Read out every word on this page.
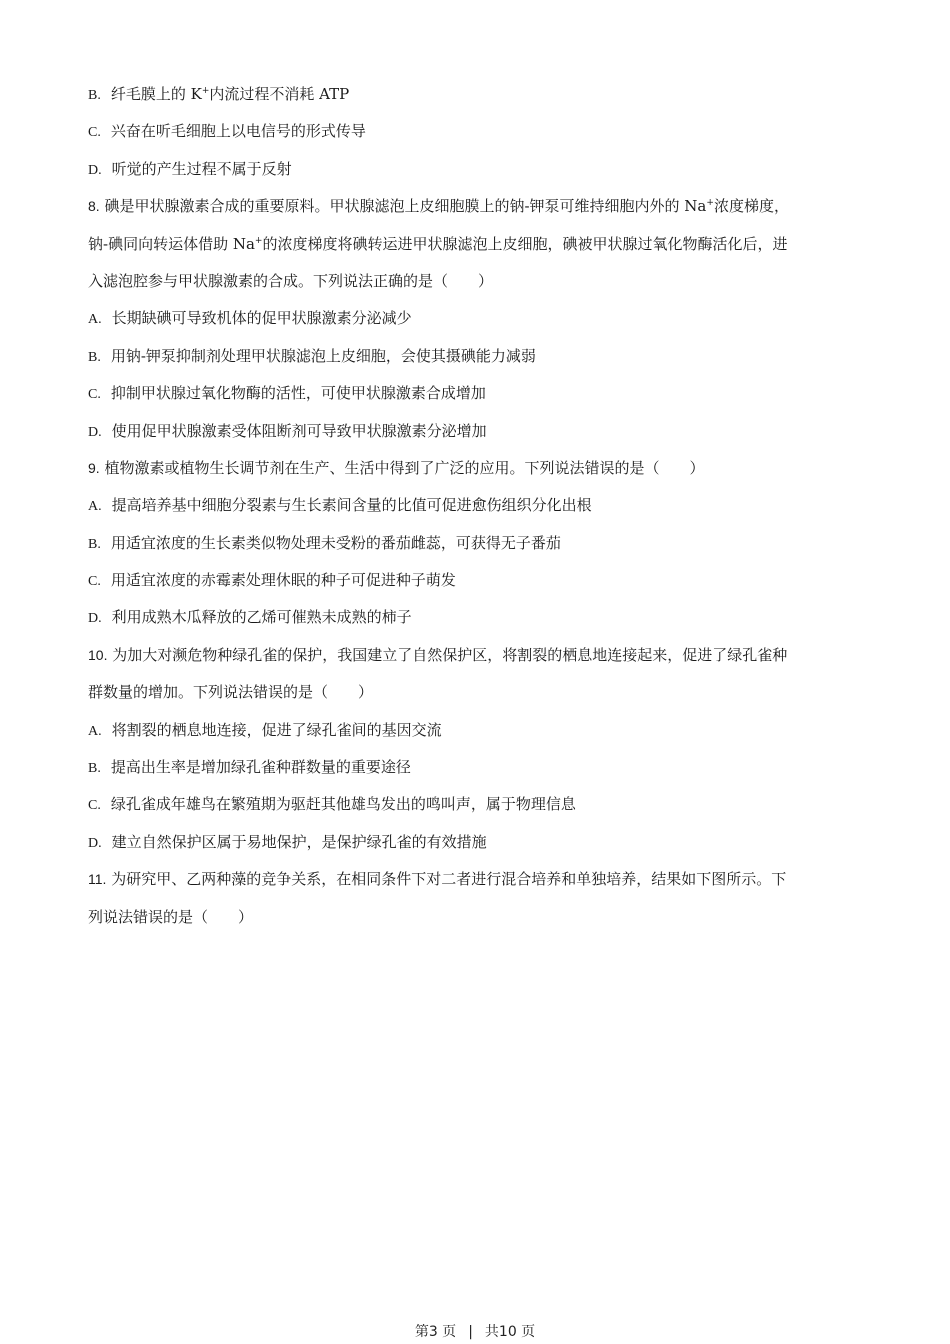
B. 纤毛膜上的 K+内流过程不消耗 ATP
C. 兴奋在听毛细胞上以电信号的形式传导
D. 听觉的产生过程不属于反射
8. 碘是甲状腺激素合成的重要原料。甲状腺滤泡上皮细胞膜上的钠-钾泵可维持细胞内外的 Na+浓度梯度，
钠-碘同向转运体借助 Na+的浓度梯度将碘转运进甲状腺滤泡上皮细胞，碘被甲状腺过氧化物酶活化后，进
入滤泡腔参与甲状腺激素的合成。下列说法正确的是（　　）
A. 长期缺碘可导致机体的促甲状腺激素分泌减少
B. 用钠-钾泵抑制剂处理甲状腺滤泡上皮细胞，会使其摄碘能力减弱
C. 抑制甲状腺过氧化物酶的活性，可使甲状腺激素合成增加
D. 使用促甲状腺激素受体阻断剂可导致甲状腺激素分泌增加
9. 植物激素或植物生长调节剂在生产、生活中得到了广泛的应用。下列说法错误的是（　　）
A. 提高培养基中细胞分裂素与生长素间含量的比值可促进愈伤组织分化出根
B. 用适宜浓度的生长素类似物处理未受粉的番茄雌蕊，可获得无子番茄
C. 用适宜浓度的赤霉素处理休眠的种子可促进种子萌发
D. 利用成熟木瓜释放的乙烯可催熟未成熟的柿子
10. 为加大对濒危物种绿孔雀的保护，我国建立了自然保护区，将割裂的栖息地连接起来，促进了绿孔雀种
群数量的增加。下列说法错误的是（　　）
A. 将割裂的栖息地连接，促进了绿孔雀间的基因交流
B. 提高出生率是增加绿孔雀种群数量的重要途径
C. 绿孔雀成年雄鸟在繁殖期为驱赶其他雄鸟发出的鸣叫声，属于物理信息
D. 建立自然保护区属于易地保护，是保护绿孔雀的有效措施
11. 为研究甲、乙两种藻的竞争关系，在相同条件下对二者进行混合培养和单独培养，结果如下图所示。下
列说法错误的是（　　）
第3 页 | 共10 页
